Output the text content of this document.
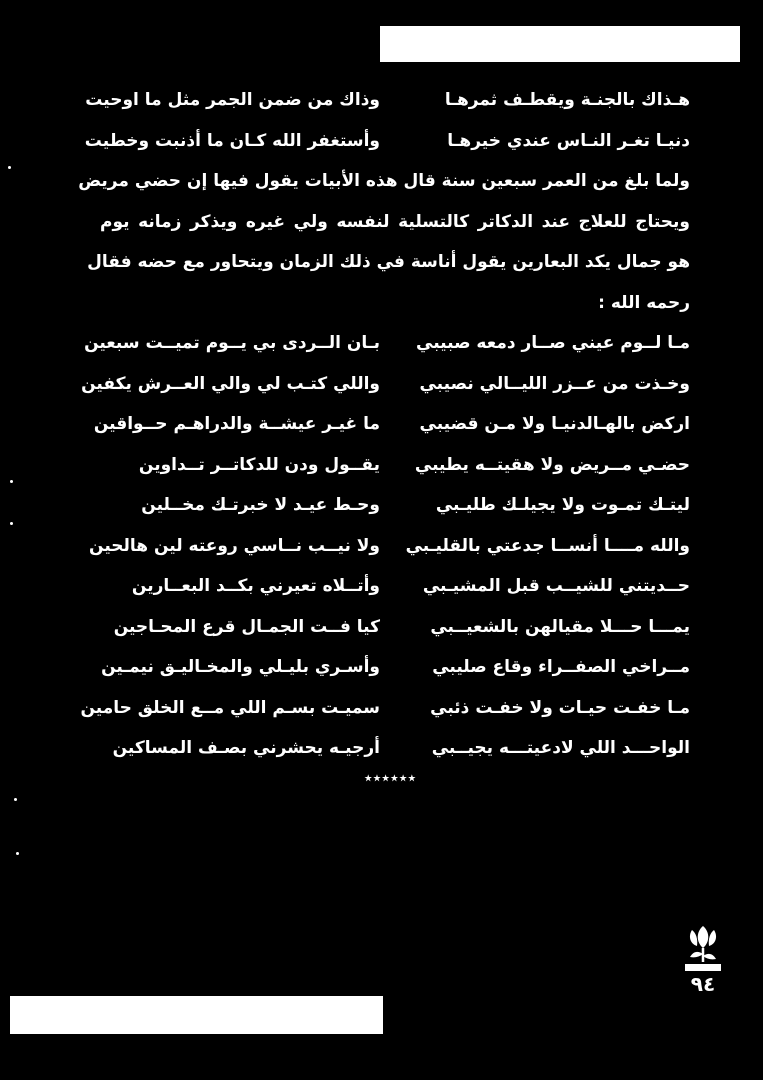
هـذاك بالجنـة ويقطـف ثمرهـا
وذاك من ضمن الجمر مثل ما اوحيت
دنيـا تغـر النـاس عندي خيرهـا
وأستغفر الله كـان ما أذنبت وخطيت
ولما بلغ من العمر سبعين سنة قال هذه الأبيات يقول فيها إن حضي مريض
ويحتاج للعلاج عند الدكاتر كالتسلية لنفسه ولي غيره ويذكر زمانه يوم
هو جمال يكد البعارين يقول أناسة في ذلك الزمان ويتحاور مع حضه فقال
رحمه الله :
مـا لــوم عيني صــار دمعه صبيبي
بـان الــردى بي يــوم تميــت سبعين
وخـذت من عــزر الليــالي نصيبي
واللي كتـب لي والي العــرش يكفين
اركض بالهـالدنيـا ولا مـن قضيبي
ما غيـر عيشــة والدراهـم حــواقين
حضـي مــريض ولا هقيتــه يطيبي
يقــول ودن للدكاتــر تــداوين
ليتـك تمـوت ولا يجيلـك طليـبي
وحـط عيـد لا خبرتـك مخــلين
والله مــــا أنســا جدعتي بالقليـبي
ولا نيــب نــاسي روعته لين هالحين
حــديتني للشيــب قبل المشيـبي
وأتــلاه تعيرني بكــد البعــارين
يمـــا حـــلا مقيالهن بالشعيــبي
كيا فــت الجمـال قرع المحـاجين
مــراخي الصفــراء وقاع صليبي
وأسـري بليـلي والمخـاليـق نيمـين
مـا خفـت حيـات ولا خفـت ذئبي
سميـت بسـم اللي مــع الخلق حامين
الواحـــد اللي لادعيتـــه يجيــبي
أرجيـه يحشرني بصـف المساكين
٭٭٭٭٭٭
٩٤
